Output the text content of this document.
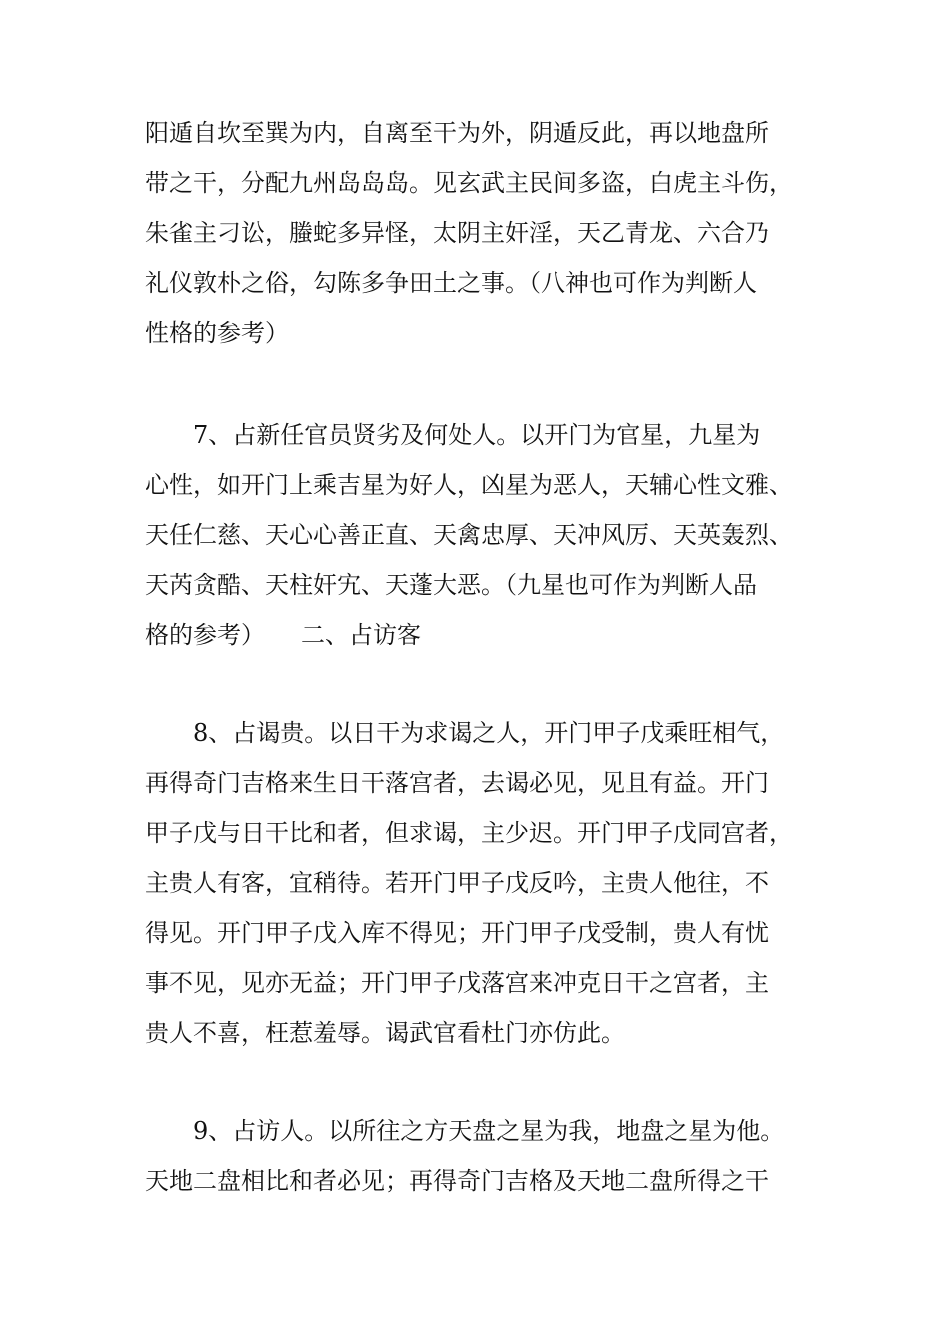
阳遁自坎至巽为内，自离至干为外，阴遁反此，再以地盘所
带之干，分配九州岛岛岛。见玄武主民间多盗，白虎主斗伤，
朱雀主刁讼，螣蛇多异怪，太阴主奸淫，天乙青龙、六合乃
礼仪敦朴之俗，勾陈多争田土之事。（八神也可作为判断人
性格的参考）
7、占新任官员贤劣及何处人。以开门为官星，九星为
心性，如开门上乘吉星为好人，凶星为恶人，天辅心性文雅、
天任仁慈、天心心善正直、天禽忠厚、天冲风厉、天英轰烈、
天芮贪酷、天柱奸宄、天蓬大恶。（九星也可作为判断人品
格的参考）　　二、占访客
8、占谒贵。以日干为求谒之人，开门甲子戊乘旺相气，
再得奇门吉格来生日干落宫者，去谒必见，见且有益。开门
甲子戊与日干比和者，但求谒，主少迟。开门甲子戊同宫者，
主贵人有客，宜稍待。若开门甲子戊反吟，主贵人他往，不
得见。开门甲子戊入库不得见；开门甲子戊受制，贵人有忧
事不见，见亦无益；开门甲子戊落宫来冲克日干之宫者，主
贵人不喜，枉惹羞辱。谒武官看杜门亦仿此。
9、占访人。以所往之方天盘之星为我，地盘之星为他。
天地二盘相比和者必见；再得奇门吉格及天地二盘所得之干
